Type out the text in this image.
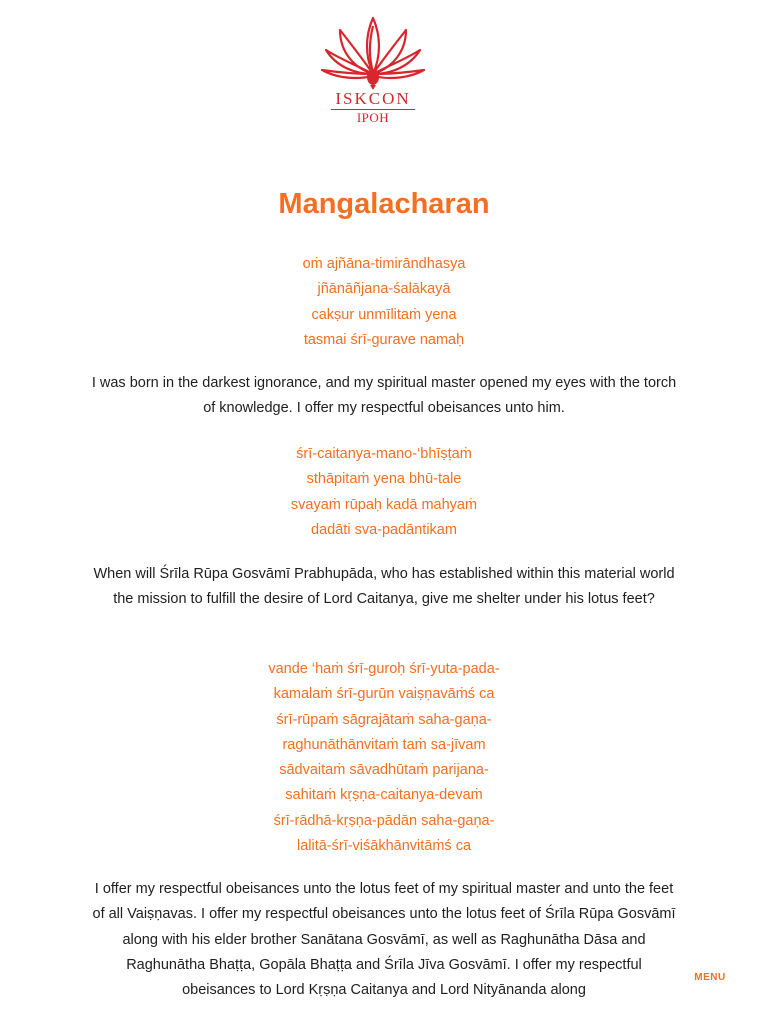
ISKCON
IPOH
Mangalacharan
oṁ ajñāna-timirāndhasya
jñānāñjana-śalākayā
cakṣur unmīlitaṁ yena
tasmai śrī-gurave namaḥ

I was born in the darkest ignorance, and my spiritual master opened my eyes with the torch of knowledge. I offer my respectful obeisances unto him.

śrī-caitanya-mano-‘bhīṣṭaṁ
sthāpitaṁ yena bhū-tale
svayaṁ rūpaḥ kadā mahyaṁ
dadāti sva-padāntikam

When will Śrīla Rūpa Gosvāmī Prabhupāda, who has established within this material world the mission to fulfill the desire of Lord Caitanya, give me shelter under his lotus feet?

vande ‘haṁ śrī-guroḥ śrī-yuta-pada-
kamalaṁ śrī-gurūn vaiṣṇavāṁś ca
śrī-rūpaṁ sāgrajātaṁ saha-gaṇa-
raghunāthānvitaṁ taṁ sa-jīvam
sādvaitaṁ sāvadhūtaṁ parijana-
sahitaṁ kṛṣṇa-caitanya-devaṁ
śrī-rādhā-kṛṣṇa-pādān saha-gaṇa-
lalitā-śrī-viśākhānvitāṁś ca

I offer my respectful obeisances unto the lotus feet of my spiritual master and unto the feet of all Vaiṣṇavas. I offer my respectful obeisances unto the lotus feet of Śrīla Rūpa Gosvāmī along with his elder brother Sanātana Gosvāmī, as well as Raghunātha Dāsa and Raghunātha Bhaṭṭa, Gopāla Bhaṭṭa and Śrīla Jīva Gosvāmī. I offer my respectful obeisances to Lord Kṛṣṇa Caitanya and Lord Nityānanda along

MENU
